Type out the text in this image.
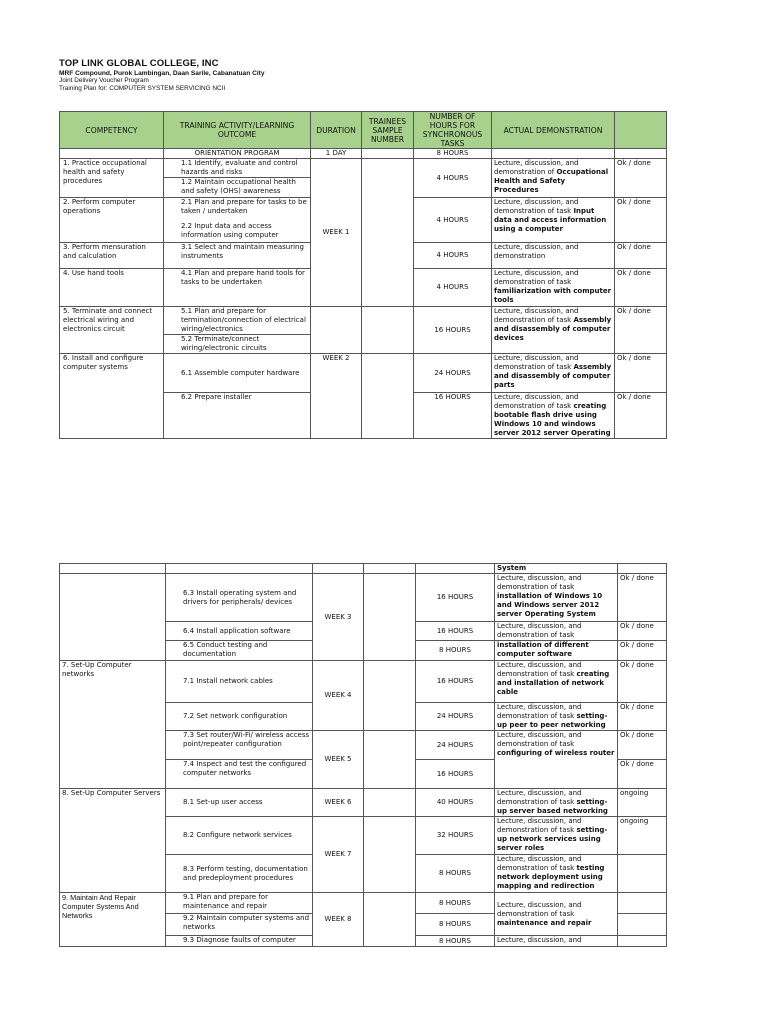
TOP LINK GLOBAL COLLEGE, INC
MRF Compound, Purok Lambingan, Daan Sarile, Cabanatuan City
Joint Delivery Voucher Program
Training Plan for: COMPUTER SYSTEM SERVICING NCII
COMPETENCY	TRAINING ACTIVITY/LEARNING OUTCOME	DURATION	TRAINEES SAMPLE NUMBER	NUMBER OF HOURS FOR SYNCHRONOUS TASKS	ACTUAL DEMONSTRATION	
	ORIENTATION PROGRAM	1 DAY		8 HOURS		
1. Practice occupational health and safety procedures	1.1 Identify, evaluate and control hazards and risks
1.2 Maintain occupational health and safety (OHS) awareness	WEEK 1		4 HOURS	Lecture, discussion, and demonstration of Occupational Health and Safety Procedures	Ok / done
2. Perform computer operations	2.1 Plan and prepare for tasks to be taken / undertaken
2.2 Input data and access information using computer			4 HOURS	Lecture, discussion, and demonstration of task Input data and access information using a computer	Ok / done
3. Perform mensuration and calculation	3.1 Select and maintain measuring instruments			4 HOURS	Lecture, discussion, and demonstration	Ok / done
4. Use hand tools	4.1 Plan and prepare hand tools for tasks to be undertaken			4 HOURS	Lecture, discussion, and demonstration of task familiarization with computer tools	Ok / done
5. Terminate and connect electrical wiring and electronics circuit	5.1 Plan and prepare for termination/connection of electrical wiring/electronics
5.2 Terminate/connect wiring/electronic circuits			16 HOURS	Lecture, discussion, and demonstration of task Assembly and disassembly of computer devices	Ok / done
6. Install and configure computer systems	6.1 Assemble computer hardware	WEEK 2		24 HOURS	Lecture, discussion, and demonstration of task Assembly and disassembly of computer parts	Ok / done

	6.2 Prepare installer			16 HOURS	Lecture, discussion, and demonstration of task creating bootable flash drive using Windows 10 and windows server 2012 server Operating	Ok / done
					System	
	6.3 Install operating system and drivers for peripherals/ devices	WEEK 3		16 HOURS	Lecture, discussion, and demonstration of task installation of Windows 10 and Windows server 2012 server Operating System	Ok / done
	6.4 Install application software			16 HOURS	Lecture, discussion, and demonstration of task	Ok / done
	6.5 Conduct testing and documentation			8 HOURS	installation of different computer software	Ok / done
7. Set-Up Computer networks	7.1 Install network cables	WEEK 4		16 HOURS	Lecture, discussion, and demonstration of task creating and installation of network cable	Ok / done
	7.2 Set network configuration			24 HOURS	Lecture, discussion, and demonstration of task setting-up peer to peer networking	Ok / done
	7.3 Set router/Wi-Fi/ wireless access point/repeater configuration	WEEK 5		24 HOURS	Lecture, discussion, and demonstration of task configuring of wireless router	Ok / done
	7.4 Inspect and test the configured computer networks			16 HOURS		Ok / done
8. Set-Up Computer Servers	8.1 Set-up user access	WEEK 6		40 HOURS	Lecture, discussion, and demonstration of task setting-up server based networking	ongoing
	8.2 Configure network services	WEEK 7		32 HOURS	Lecture, discussion, and demonstration of task setting-up network services using server roles	ongoing
	8.3 Perform testing, documentation and predeployment procedures			8 HOURS	Lecture, discussion, and demonstration of task testing network deployment using mapping and redirection	
9. Maintain And Repair Computer Systems And Networks	9.1 Plan and prepare for maintenance and repair	WEEK 8		8 HOURS	Lecture, discussion, and demonstration of task maintenance and repair	
	9.2 Maintain computer systems and networks			8 HOURS		
	9.3 Diagnose faults of computer			8 HOURS	Lecture, discussion, and	
